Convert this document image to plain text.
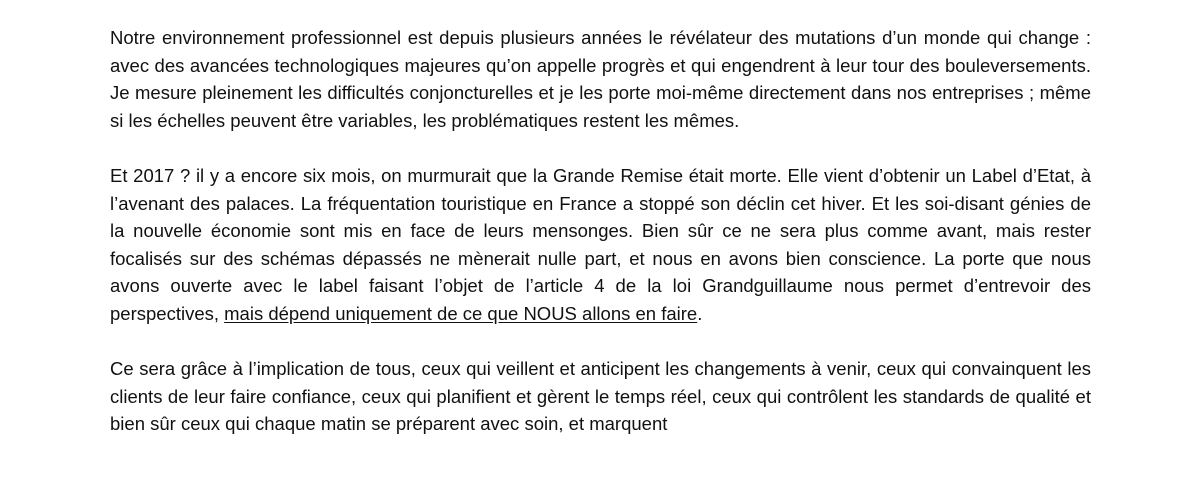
Notre environnement professionnel est depuis plusieurs années le révélateur des mutations d’un monde qui change : avec des avancées technologiques majeures qu’on appelle progrès et qui engendrent à leur tour des bouleversements. Je mesure pleinement les difficultés conjoncturelles et je les porte moi-même directement dans nos entreprises ; même si les échelles peuvent être variables, les problématiques restent les mêmes.

Et 2017 ? il y a encore six mois, on murmurait que la Grande Remise était morte. Elle vient d’obtenir un Label d’Etat, à l’avenant des palaces. La fréquentation touristique en France a stoppé son déclin cet hiver. Et les soi-disant génies de la nouvelle économie sont mis en face de leurs mensonges. Bien sûr ce ne sera plus comme avant, mais rester focalisés sur des schémas dépassés ne mènerait nulle part, et nous en avons bien conscience. La porte que nous avons ouverte avec le label faisant l’objet de l’article 4 de la loi Grandguillaume nous permet d’entrevoir des perspectives, mais dépend uniquement de ce que NOUS allons en faire.

Ce sera grâce à l’implication de tous, ceux qui veillent et anticipent les changements à venir, ceux qui convainquent les clients de leur faire confiance, ceux qui planifient et gèrent le temps réel, ceux qui contrôlent les standards de qualité et bien sûr ceux qui chaque matin se préparent avec soin, et marquent
